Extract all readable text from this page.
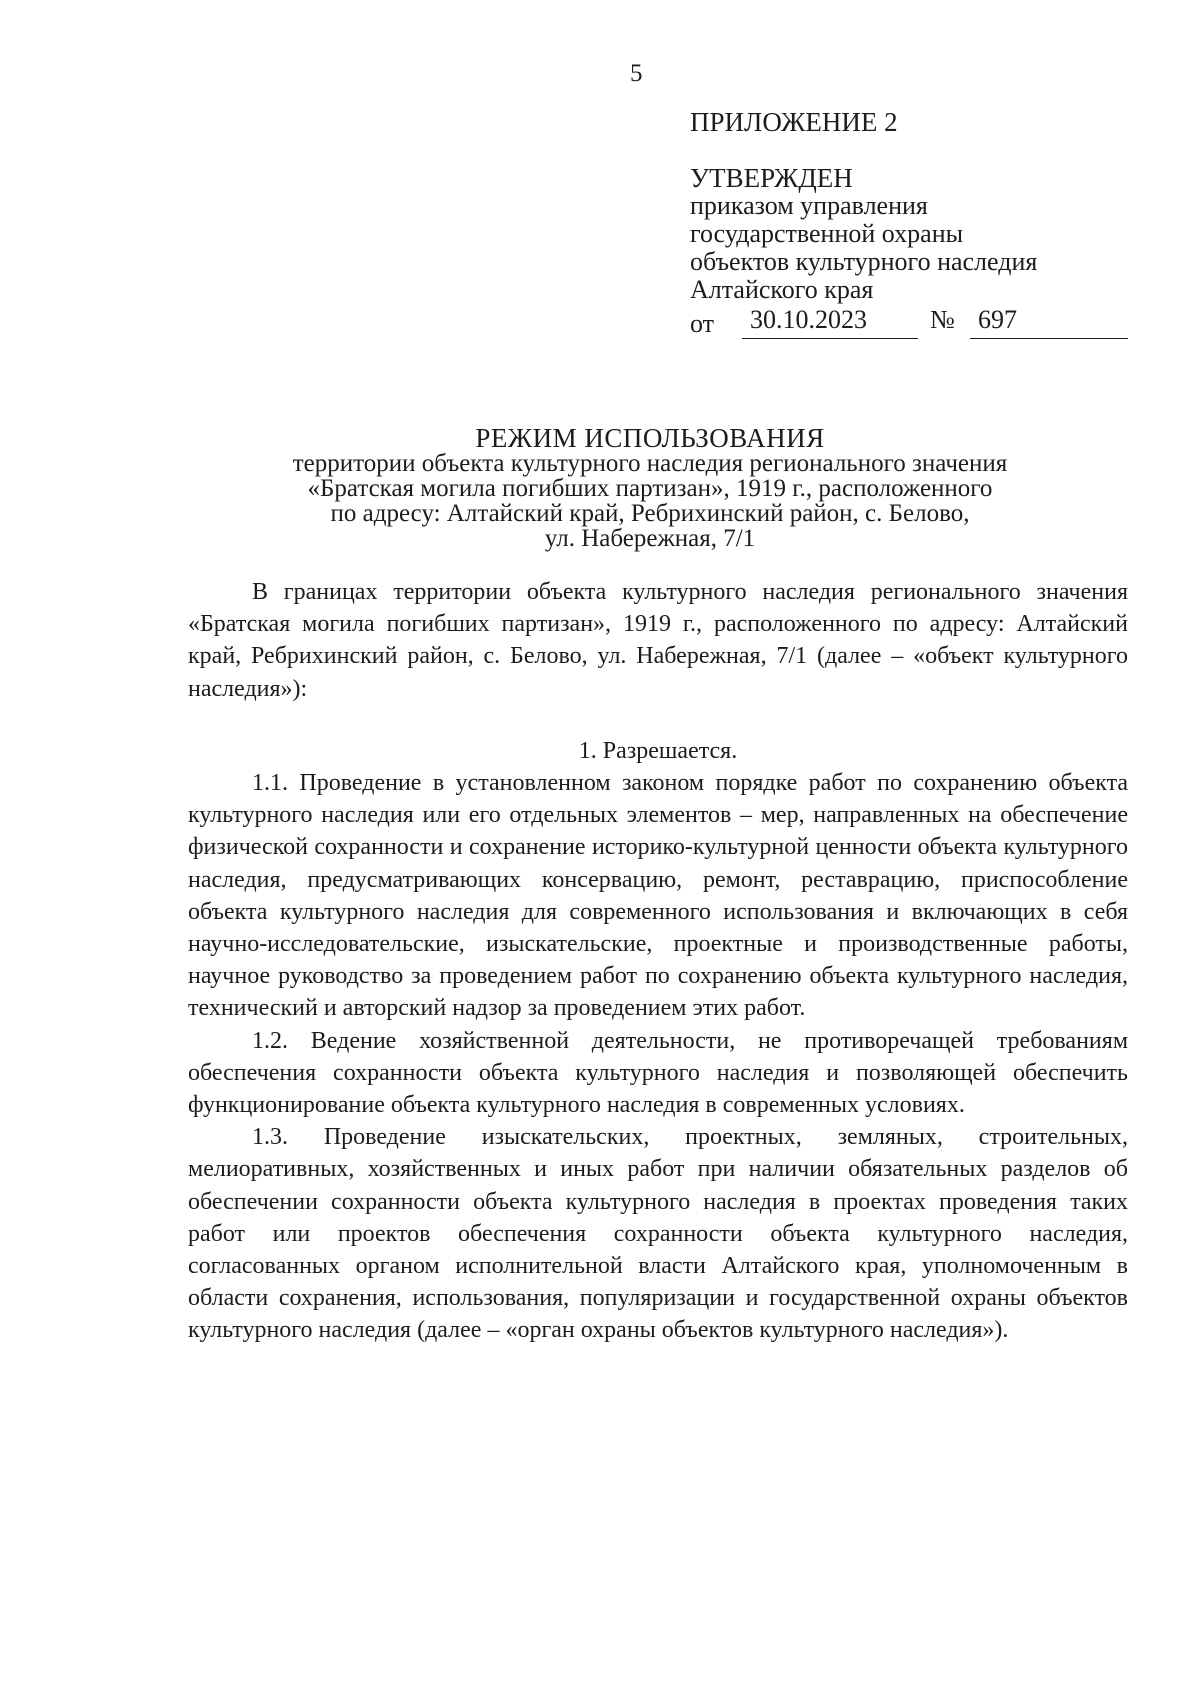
5
ПРИЛОЖЕНИЕ 2
УТВЕРЖДЕН
приказом управления
государственной охраны
объектов культурного наследия
Алтайского края
от	30.10.2023	№ 697
РЕЖИМ ИСПОЛЬЗОВАНИЯ
территории объекта культурного наследия регионального значения
«Братская могила погибших партизан», 1919 г., расположенного
по адресу: Алтайский край, Ребрихинский район, с. Белово,
ул. Набережная, 7/1

В границах территории объекта культурного наследия регионального значения «Братская могила погибших партизан», 1919 г., расположенного по адресу: Алтайский край, Ребрихинский район, с. Белово, ул. Набережная, 7/1 (далее – «объект культурного наследия»):

1. Разрешается.

1.1. Проведение в установленном законом порядке работ по сохранению объекта культурного наследия или его отдельных элементов – мер, направленных на обеспечение физической сохранности и сохранение историко-культурной ценности объекта культурного наследия, предусматривающих консервацию, ремонт, реставрацию, приспособление объекта культурного наследия для современного использования и включающих в себя научно-исследовательские, изыскательские, проектные и производственные работы, научное руководство за проведением работ по сохранению объекта культурного наследия, технический и авторский надзор за проведением этих работ.

1.2. Ведение хозяйственной деятельности, не противоречащей требованиям обеспечения сохранности объекта культурного наследия и позволяющей обеспечить функционирование объекта культурного наследия в современных условиях.

1.3. Проведение изыскательских, проектных, земляных, строительных, мелиоративных, хозяйственных и иных работ при наличии обязательных разделов об обеспечении сохранности объекта культурного наследия в проектах проведения таких работ или проектов обеспечения сохранности объекта культурного наследия, согласованных органом исполнительной власти Алтайского края, уполномоченным в области сохранения, использования, популяризации и государственной охраны объектов культурного наследия (далее – «орган охраны объектов культурного наследия»).
